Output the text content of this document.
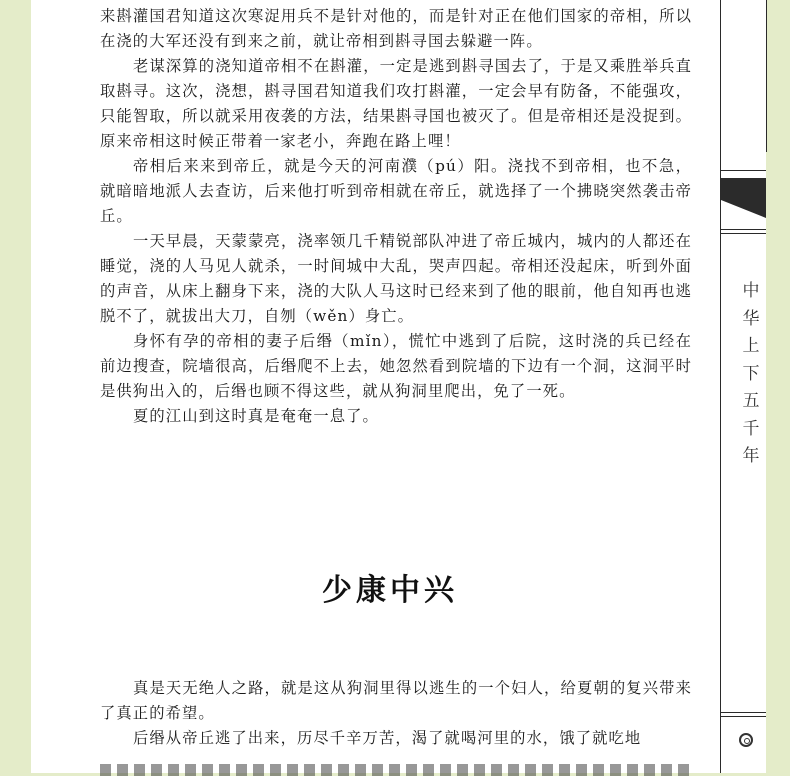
来斟灌国君知道这次寒浞用兵不是针对他的，而是针对正在他们国家的帝相，所以在浇的大军还没有到来之前，就让帝相到斟寻国去躲避一阵。

老谋深算的浇知道帝相不在斟灌，一定是逃到斟寻国去了，于是又乘胜举兵直取斟寻。这次，浇想，斟寻国君知道我们攻打斟灌，一定会早有防备，不能强攻，只能智取，所以就采用夜袭的方法，结果斟寻国也被灭了。但是帝相还是没捉到。原来帝相这时候正带着一家老小，奔跑在路上哩！

帝相后来来到帝丘，就是今天的河南濮（pú）阳。浇找不到帝相，也不急，就暗暗地派人去查访，后来他打听到帝相就在帝丘，就选择了一个拂晓突然袭击帝丘。

一天早晨，天蒙蒙亮，浇率领几千精锐部队冲进了帝丘城内，城内的人都还在睡觉，浇的人马见人就杀，一时间城中大乱，哭声四起。帝相还没起床，听到外面的声音，从床上翻身下来，浇的大队人马这时已经来到了他的眼前，他自知再也逃脱不了，就拔出大刀，自刎（wěn）身亡。

身怀有孕的帝相的妻子后缗（mǐn），慌忙中逃到了后院，这时浇的兵已经在前边搜查，院墙很高，后缗爬不上去，她忽然看到院墙的下边有一个洞，这洞平时是供狗出入的，后缗也顾不得这些，就从狗洞里爬出，免了一死。

夏的江山到这时真是奄奄一息了。

少康中兴

真是天无绝人之路，就是这从狗洞里得以逃生的一个妇人，给夏朝的复兴带来了真正的希望。

后缗从帝丘逃了出来，历尽千辛万苦，渴了就喝河里的水，饿了就吃地

中
华
上
下
五
千
年
